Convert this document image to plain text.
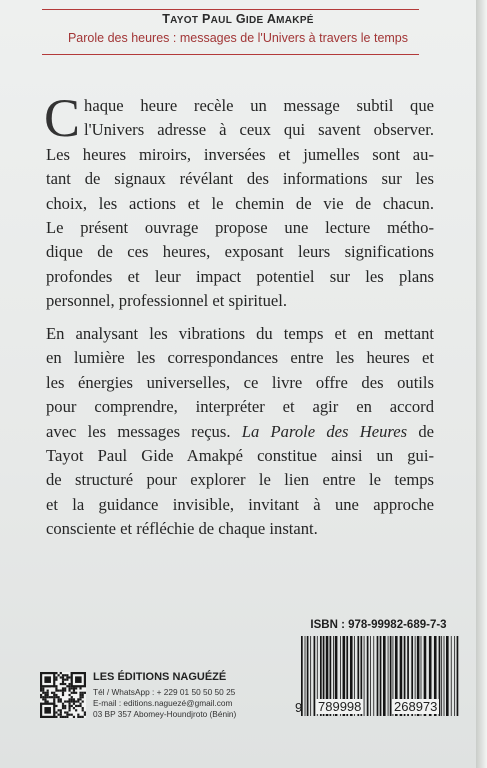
TAYOT PAUL GIDE AMAKPÉ
Parole des heures : messages de l'Univers à travers le temps
C haque heure recèle un message subtil que
l'Univers adresse à ceux qui savent observer.
Les heures miroirs, inversées et jumelles sont au-
tant de signaux révélant des informations sur les
choix, les actions et le chemin de vie de chacun.
Le présent ouvrage propose une lecture métho-
dique de ces heures, exposant leurs significations
profondes et leur impact potentiel sur les plans
personnel, professionnel et spirituel.
En analysant les vibrations du temps et en mettant
en lumière les correspondances entre les heures et
les énergies universelles, ce livre offre des outils
pour comprendre, interpréter et agir en accord
avec les messages reçus. La Parole des Heures de
Tayot Paul Gide Amakpé constitue ainsi un gui-
de structuré pour explorer le lien entre le temps
et la guidance invisible, invitant à une approche
consciente et réfléchie de chaque instant.
ISBN : 978-99982-689-7-3
9 789998	268973
LES ÉDITIONS NAGUÉZÉ
Tél / WhatsApp : + 229 01 50 50 50 25
E-mail : editions.naguezé@gmail.com
03 BP 357 Abomey-Houndjroto (Bénin)
